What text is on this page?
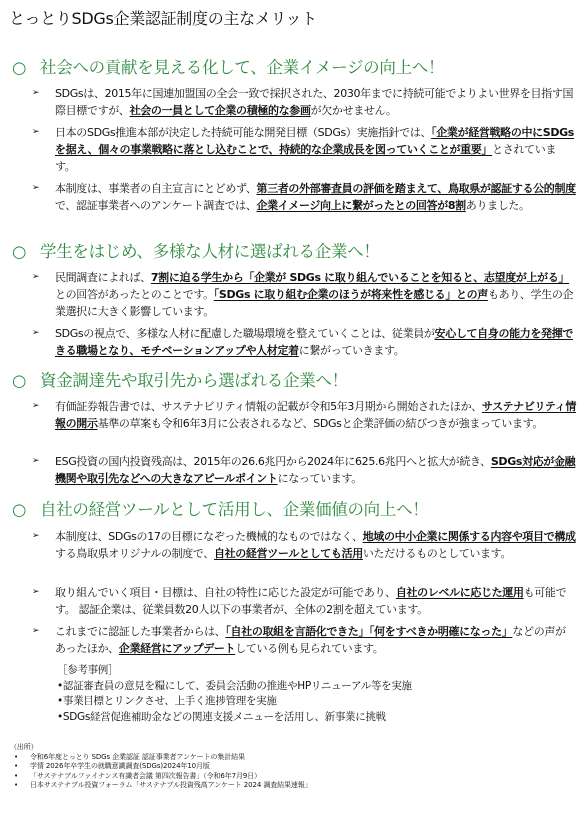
とっとりSDGs企業認証制度の主なメリット
○ 社会への貢献を見える化して、企業イメージの向上へ！
➢ SDGsは、2015年に国連加盟国の全会一致で採択された、2030年までに持続可能でよりよい世界を目指す国際目標ですが、社会の一員として企業の積極的な参画が欠かせません。
➢ 日本のSDGs推進本部が決定した持続可能な開発目標（SDGs）実施指針では、「企業が経営戦略の中にSDGsを据え、個々の事業戦略に落とし込むことで、持続的な企業成長を図っていくことが重要」とされています。
➢ 本制度は、事業者の自主宣言にとどめず、第三者の外部審査員の評価を踏まえて、鳥取県が認証する公的制度で、認証事業者へのアンケート調査では、企業イメージ向上に繋がったとの回答が8割ありました。
○ 学生をはじめ、多様な人材に選ばれる企業へ！
➢ 民間調査によれば、7割に迫る学生から「企業が SDGs に取り組んでいることを知ると、志望度が上がる」との回答があったとのことです。「SDGs に取り組む企業のほうが将来性を感じる」との声もあり、学生の企業選択に大きく影響しています。
➢ SDGsの視点で、多様な人材に配慮した職場環境を整えていくことは、従業員が安心して自身の能力を発揮できる職場となり、モチベーションアップや人材定着に繋がっていきます。
○ 資金調達先や取引先から選ばれる企業へ！
➢ 有価証券報告書では、サステナビリティ情報の記載が令和5年3月期から開始されたほか、サステナビリティ情報の開示基準の草案も令和6年3月に公表されるなど、SDGsと企業評価の結びつきが強まっています。
➢ ESG投資の国内投資残高は、2015年の26.6兆円から2024年に625.6兆円へと拡大が続き、SDGs対応が金融機関や取引先などへの大きなアピールポイントになっています。
○ 自社の経営ツールとして活用し、企業価値の向上へ！
➢ 本制度は、SDGsの17の目標になぞった機械的なものではなく、地域の中小企業に関係する内容や項目で構成する鳥取県オリジナルの制度で、自社の経営ツールとしても活用いただけるものとしています。
➢ 取り組んでいく項目・目標は、自社の特性に応じた設定が可能であり、自社のレベルに応じた運用も可能です。 認証企業は、従業員数20人以下の事業者が、全体の2割を超えています。
➢ これまでに認証した事業者からは、「自社の取組を言語化できた」「何をすべきか明確になった」などの声があったほか、企業経営にアップデートしている例も見られています。
［参考事例］
•認証審査員の意見を糧にして、委員会活動の推進やHPリニューアル等を実施
•事業目標とリンクさせ、上手く進捗管理を実施
•SDGs経営促進補助金などの関連支援メニューを活用し、新事業に挑戦
（出所）
• 令和6年度とっとり SDGs 企業認証 認証事業者アンケートの集計結果
• 学情 2026年卒学生の就職意識調査(SDGs)2024年10月版
• 「サステナブルファイナンス有識者会議 第四次報告書」（令和6年7月9日）
• 日本サステナブル投資フォーラム「サステナブル投資残高アンケート 2024 調査結果速報」
